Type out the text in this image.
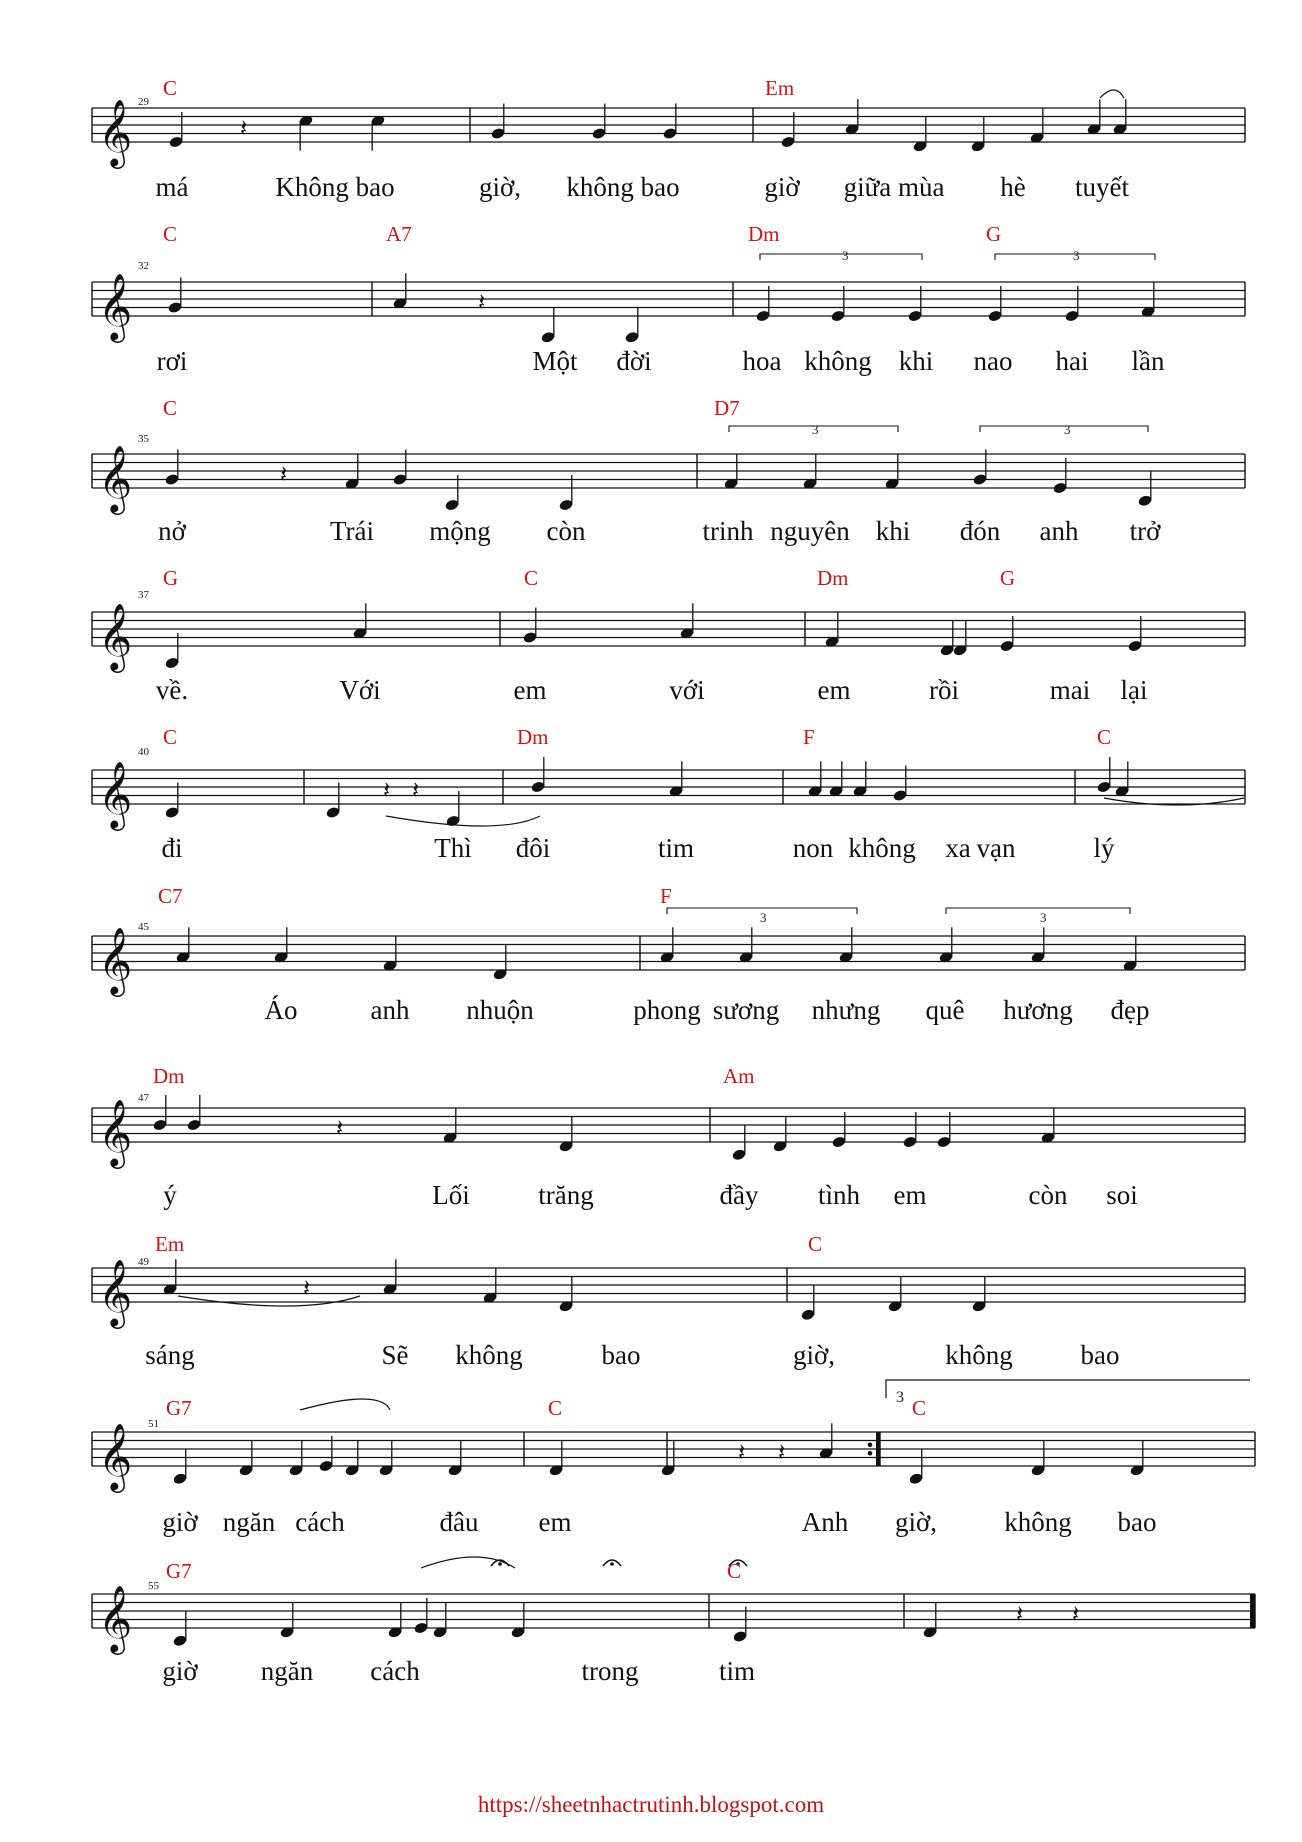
𝄞	𝄽
𝄞	𝄽
𝄞	𝄽
𝄞
𝄞	𝄽 𝄽
𝄞
𝄞	𝄽
𝄞	𝄽
𝄞	𝄽 𝄽
𝄞	𝄽 𝄽
29
C	Em
má	Không bao	giờ, không bao	giờ giữa mùa hè tuyết
32
C	A7	Dm	G
3	3
rơi	Một đời	hoa không khi nao hai lần
35
C	D7
3	3
nở	Trái mộng còn	trinh nguyên khi đón anh trở
37
G	C	Dm	G
về.	Với	em	với	em	rồi	mai lại
40
C	Dm	F	C
đi	Thì đôi	tim	non không xa vạn	lý
45
C7	F
3	3
Áo	anh nhuộn	phong sương nhưng quê hương đẹp
47
Dm	Am
ý	Lối	trăng	đầy tình em	còn soi
49
Em	C
sáng	Sẽ không	bao	giờ,	không	bao
51
G7	C	C
3
giờ ngăn cách	đâu em	Anh giờ, không bao
55
G7	C
giờ ngăn cách	trong	tim
https://sheetnhactrutinh.blogspot.com
